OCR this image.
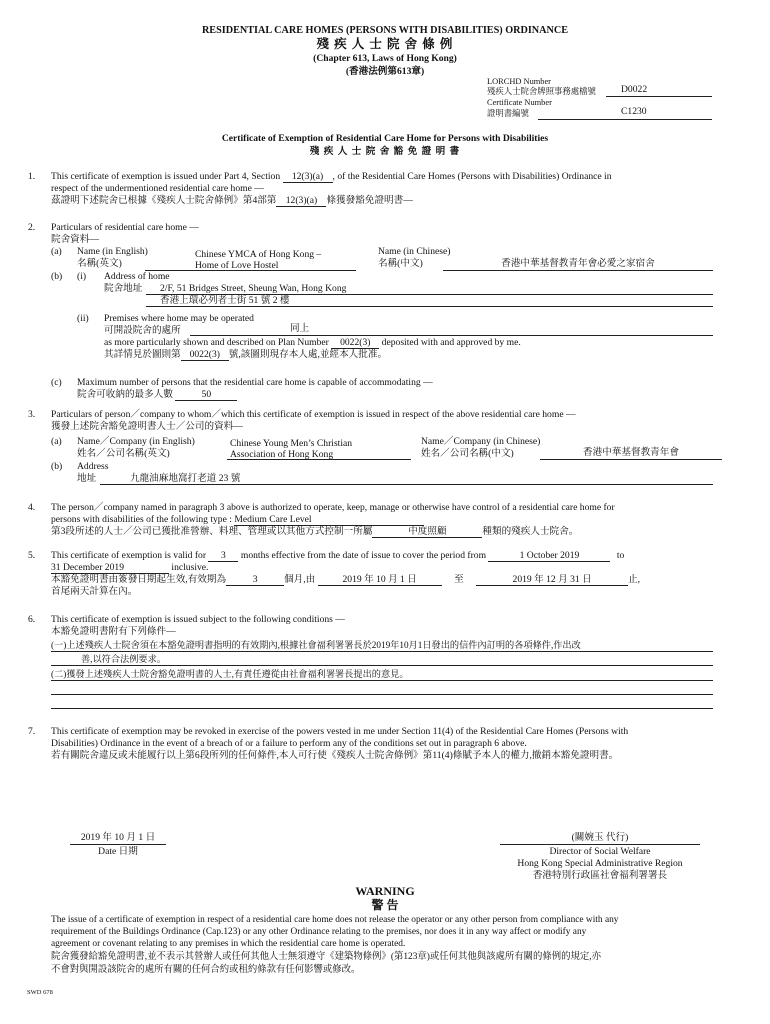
RESIDENTIAL CARE HOMES (PERSONS WITH DISABILITIES) ORDINANCE
殘 疾 人 士 院 舍 條 例
(Chapter 613, Laws of Hong Kong)
(香港法例第613章)
LORCHD Number
殘疾人士院舍牌照事務處檔號	D0022
Certificate Number
證明書編號	C1230
Certificate of Exemption of Residential Care Home for Persons with Disabilities
殘 疾 人 士 院 舍 豁 免 證 明 書
1. This certificate of exemption is issued under Part 4, Section 12(3)(a) , of the Residential Care Homes (Persons with Disabilities) Ordinance in
respect of the undermentioned residential care home —
茲證明下述院舍已根據《殘疾人士院舍條例》第4部第 12(3)(a) 條獲發豁免證明書—
2. Particulars of residential care home —
院舍資料—
(a) Name (in English)
名稱(英文)
Chinese YMCA of Hong Kong –
Home of Love Hostel
Name (in Chinese)
名稱(中文)	香港中華基督教青年會必愛之家宿舍
(b) (i) Address of home
院舍地址 2/F, 51 Bridges Street, Sheung Wan, Hong Kong
香港上環必列者士街 51 號 2 樓
(ii) Premises where home may be operated
可開設院舍的處所	同上
as more particularly shown and described on Plan Number 0022(3) deposited with and approved by me.
其詳情見於圖則第 0022(3) 號,該圖則現存本人處,並經本人批准。
(c) Maximum number of persons that the residential care home is capable of accommodating —
院舍可收納的最多人數	50
3. Particulars of person／company to whom／which this certificate of exemption is issued in respect of the above residential care home —
獲發上述院舍豁免證明書人士／公司的資料—
(a) Name／Company (in English)
姓名／公司名稱(英文)
Chinese Young Men’s Christian
Association of Hong Kong
Name／Company (in Chinese)
姓名／公司名稱(中文)	香港中華基督教青年會
(b) Address
地址	九龍油麻地窩打老道 23 號
4. The person／company named in paragraph 3 above is authorized to operate, keep, manage or otherwise have control of a residential care home for
persons with disabilities of the following type : Medium Care Level
第3段所述的人士／公司已獲批准營辦、料理、管理或以其他方式控制一所屬	中度照顧	種類的殘疾人士院舍。
5. This certificate of exemption is valid for 3 months effective from the date of issue to cover the period from	1 October 2019	to
31 December 2019	inclusive.
本豁免證明書由簽發日期起生效,有效期為	3	個月,由	2019 年 10 月 1 日	至	2019 年 12 月 31 日	止,
首尾兩天計算在內。
6. This certificate of exemption is issued subject to the following conditions —
本豁免證明書附有下列條件—
(一)上述殘疾人士院舍須在本豁免證明書指明的有效期內,根據社會福利署署長於2019年10月1日發出的信件內訂明的各項條件,作出改
善,以符合法例要求。
(二)獲發上述殘疾人士院舍豁免證明書的人士,有責任遵從由社會福利署署長提出的意見。
7. This certificate of exemption may be revoked in exercise of the powers vested in me under Section 11(4) of the Residential Care Homes (Persons with
Disabilities) Ordinance in the event of a breach of or a failure to perform any of the conditions set out in paragraph 6 above.
若有關院舍違反或未能履行以上第6段所列的任何條件,本人可行使《殘疾人士院舍條例》第11(4)條賦予本人的權力,撤銷本豁免證明書。
2019 年 10 月 1 日
Date 日期
(關婉玉 代行)
Director of Social Welfare
Hong Kong Special Administrative Region
香港特別行政區社會福利署署長
WARNING
警 告
The issue of a certificate of exemption in respect of a residential care home does not release the operator or any other person from compliance with any
requirement of the Buildings Ordinance (Cap.123) or any other Ordinance relating to the premises, nor does it in any way affect or modify any
agreement or covenant relating to any premises in which the residential care home is operated.
院舍獲發給豁免證明書,並不表示其營辦人或任何其他人士無須遵守《建築物條例》(第123章)或任何其他與該處所有關的條例的規定,亦
不會對與開設該院舍的處所有關的任何合約或租約條款有任何影響或修改。
SWD 678
